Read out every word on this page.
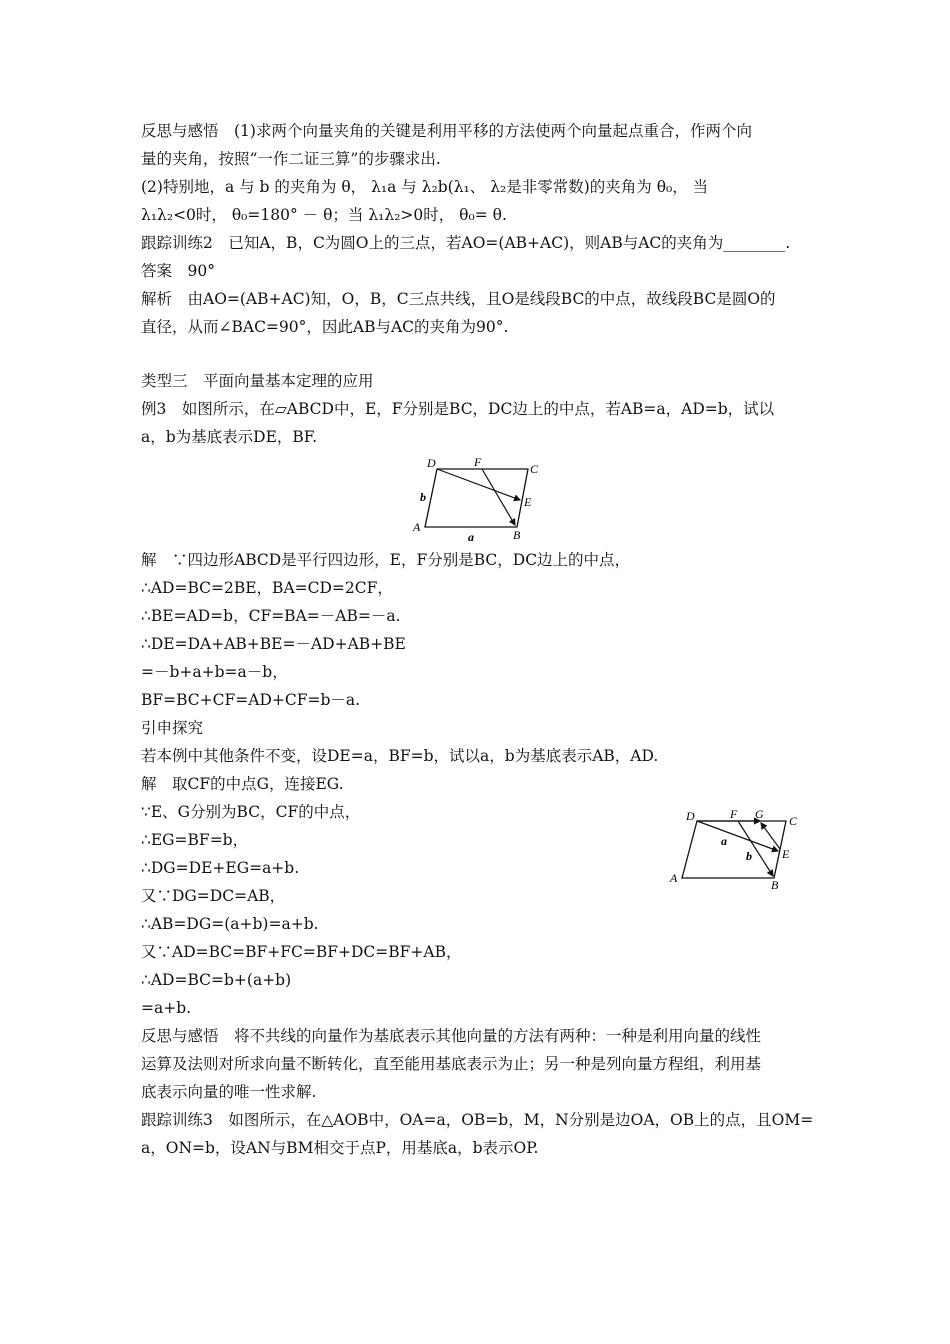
反思与感悟　(1)求两个向量夹角的关键是利用平移的方法使两个向量起点重合，作两个向
量的夹角，按照“一作二证三算”的步骤求出.
(2)特别地，a 与 b 的夹角为 θ， λ₁a 与 λ₂b(λ₁、 λ₂是非零常数)的夹角为 θ₀， 当
λ₁λ₂<0时， θ₀=180° － θ；当 λ₁λ₂>0时， θ₀= θ.
跟踪训练2　已知A，B，C为圆O上的三点，若AO=(AB+AC)，则AB与AC的夹角为________.
答案　90°
解析　由AO=(AB+AC)知，O，B，C三点共线，且O是线段BC的中点，故线段BC是圆O的
直径，从而∠BAC=90°，因此AB与AC的夹角为90°.
类型三　平面向量基本定理的应用
例3　如图所示，在▱ABCD中，E，F分别是BC，DC边上的中点，若AB=a，AD=b，试以
a，b为基底表示DE，BF.
A
B
C
D
E
F
a
b
解　∵四边形ABCD是平行四边形，E，F分别是BC，DC边上的中点，
∴AD=BC=2BE，BA=CD=2CF，
∴BE=AD=b，CF=BA=－AB=－a.
∴DE=DA+AB+BE=－AD+AB+BE
=－b+a+b=a－b，
BF=BC+CF=AD+CF=b－a.
引申探究
若本例中其他条件不变，设DE=a，BF=b，试以a，b为基底表示AB，AD.
解　取CF的中点G，连接EG.
∵E、G分别为BC，CF的中点，
∴EG=BF=b，
∴DG=DE+EG=a+b.
又∵DG=DC=AB，
∴AB=DG=(a+b)=a+b.
又∵AD=BC=BF+FC=BF+DC=BF+AB，
∴AD=BC=b+(a+b)
=a+b.
A	B
C
D
E
F G
a
b
反思与感悟　将不共线的向量作为基底表示其他向量的方法有两种：一种是利用向量的线性
运算及法则对所求向量不断转化，直至能用基底表示为止；另一种是列向量方程组，利用基
底表示向量的唯一性求解.
跟踪训练3　如图所示，在△AOB中，OA=a，OB=b，M，N分别是边OA，OB上的点，且OM=
a，ON=b，设AN与BM相交于点P，用基底a，b表示OP.
